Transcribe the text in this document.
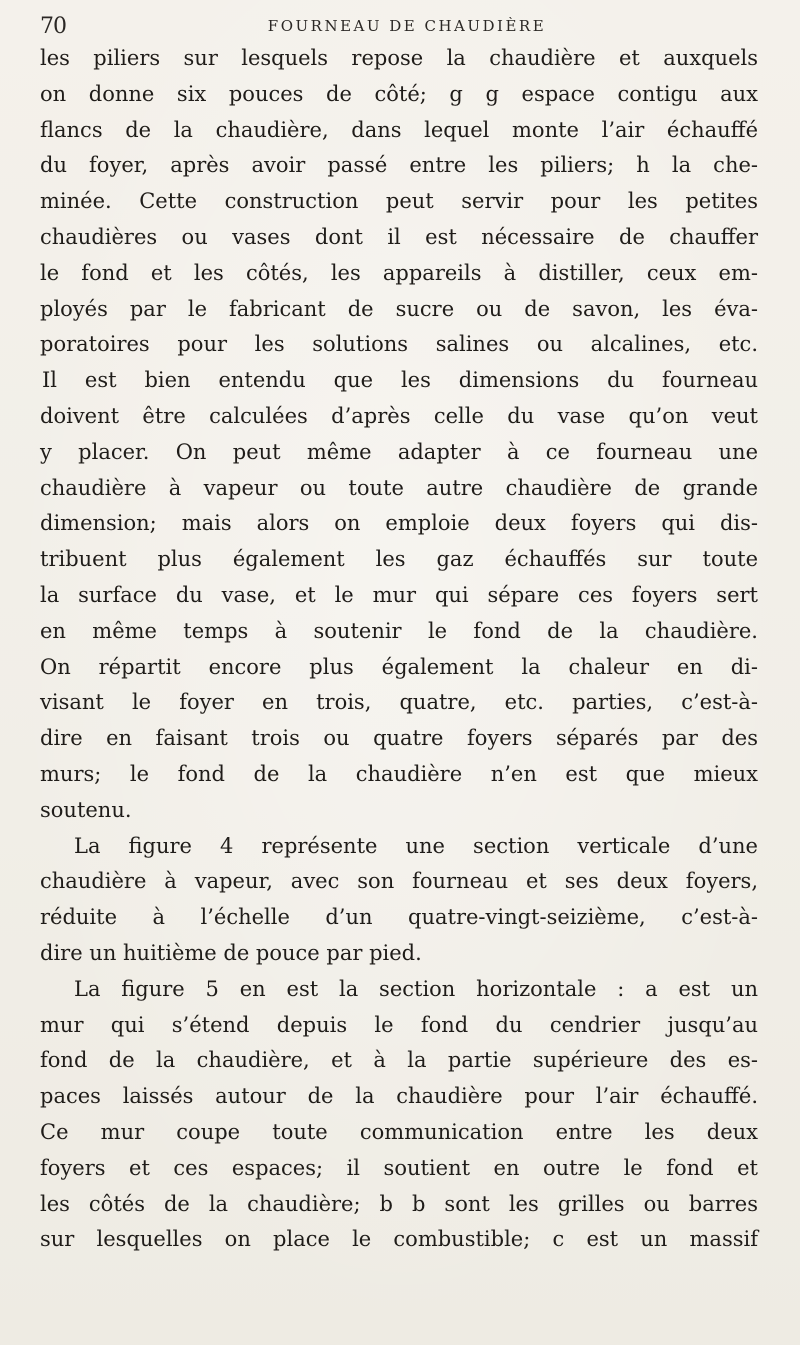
70	FOURNEAU DE CHAUDIÈRE
les piliers sur lesquels repose la chaudière et auxquels
on donne six pouces de côté; g g espace contigu aux
flancs de la chaudière, dans lequel monte l’air échauffé
du foyer, après avoir passé entre les piliers; h la che-
minée. Cette construction peut servir pour les petites
chaudières ou vases dont il est nécessaire de chauffer
le fond et les côtés, les appareils à distiller, ceux em-
ployés par le fabricant de sucre ou de savon, les éva-
poratoires pour les solutions salines ou alcalines, etc.
Il est bien entendu que les dimensions du fourneau
doivent être calculées d’après celle du vase qu’on veut
y placer. On peut même adapter à ce fourneau une
chaudière à vapeur ou toute autre chaudière de grande
dimension; mais alors on emploie deux foyers qui dis-
tribuent plus également les gaz échauffés sur toute
la surface du vase, et le mur qui sépare ces foyers sert
en même temps à soutenir le fond de la chaudière.
On répartit encore plus également la chaleur en di-
visant le foyer en trois, quatre, etc. parties, c’est-à-
dire en faisant trois ou quatre foyers séparés par des
murs; le fond de la chaudière n’en est que mieux
soutenu.
La figure 4 représente une section verticale d’une
chaudière à vapeur, avec son fourneau et ses deux foyers,
réduite à l’échelle d’un quatre-vingt-seizième, c’est-à-
dire un huitième de pouce par pied.
La figure 5 en est la section horizontale : a est un
mur qui s’étend depuis le fond du cendrier jusqu’au
fond de la chaudière, et à la partie supérieure des es-
paces laissés autour de la chaudière pour l’air échauffé.
Ce mur coupe toute communication entre les deux
foyers et ces espaces; il soutient en outre le fond et
les côtés de la chaudière; b b sont les grilles ou barres
sur lesquelles on place le combustible; c est un massif
